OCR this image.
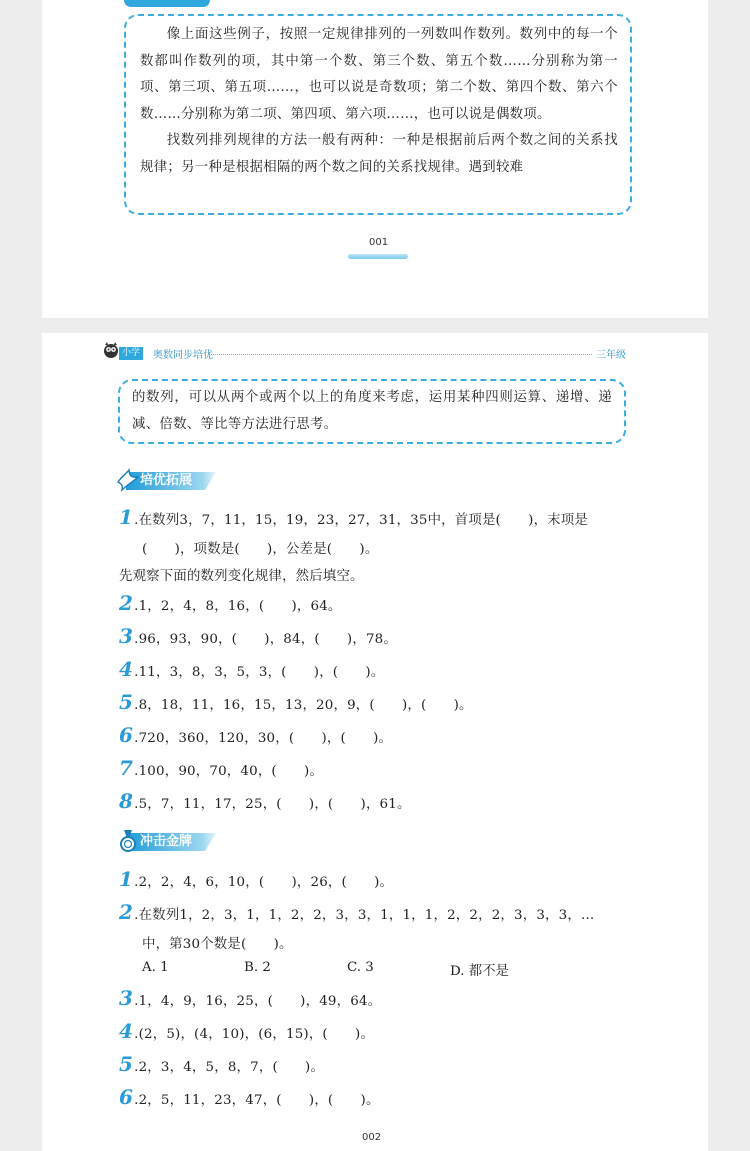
像上面这些例子，按照一定规律排列的一列数叫作数列。数列中的每一个数都叫作数列的项，其中第一个数、第三个数、第五个数……分别称为第一项、第三项、第五项……，也可以说是奇数项；第二个数、第四个数、第六个数……分别称为第二项、第四项、第六项……，也可以说是偶数项。

找数列排列规律的方法一般有两种：一种是根据前后两个数之间的关系找规律；另一种是根据相隔的两个数之间的关系找规律。遇到较难

001
小学	奥数同步培优	三年级
的数列，可以从两个或两个以上的角度来考虑，运用某种四则运算、递增、递减、倍数、等比等方法进行思考。
培优拓展
1.在数列3，7，11，15，19，23，27，31，35中，首项是(　　)，末项是
(　　)，项数是(　　)，公差是(　　)。
先观察下面的数列变化规律，然后填空。
2.1，2，4，8，16，(　　)，64。
3.96，93，90，(　　)，84，(　　)，78。
4.11，3，8，3，5，3，(　　)，(　　)。
5.8，18，11，16，15，13，20，9，(　　)，(　　)。
6.720，360，120，30，(　　)，(　　)。
7.100，90，70，40，(　　)。
8.5，7，11，17，25，(　　)，(　　)，61。
冲击金牌
1.2，2，4，6，10，(　　)，26，(　　)。
2.在数列1，2，3，1，1，2，2，3，3，1，1，1，2，2，2，3，3，3，…
中，第30个数是(　　)。
A. 1	B. 2	C. 3	D. 都不是
3.1，4，9，16，25，(　　)，49，64。
4.(2，5)，(4，10)，(6，15)，(　　)。
5.2，3，4，5，8，7，(　　)。
6.2，5，11，23，47，(　　)，(　　)。
002
